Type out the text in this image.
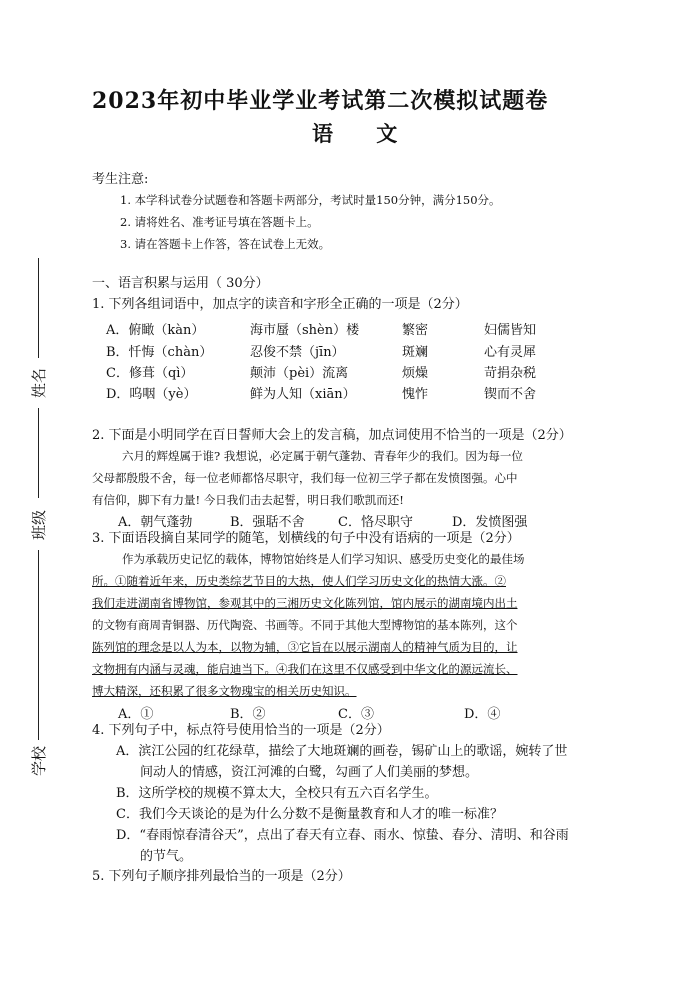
2023年初中毕业学业考试第二次模拟试题卷
语 文
考生注意:
1. 本学科试卷分试题卷和答题卡两部分，考试时量150分钟，满分150分。
2. 请将姓名、准考证号填在答题卡上。
3. 请在答题卡上作答，答在试卷上无效。
姓名
班级
学校
一、语言积累与运用（ 30分）
1. 下列各组词语中，加点字的读音和字形全正确的一项是（2分）
A．俯瞰（kàn）	海市蜃（shèn）楼	繁密	妇儒皆知
B．忏悔（chàn）	忍俊不禁（jīn）	斑斓	心有灵犀
C．修葺（qì）	颠沛（pèi）流离	烦燥	苛捐杂税
D．呜咽（yè）	鲜为人知（xiān）	愧怍	锲而不舍
2. 下面是小明同学在百日誓师大会上的发言稿，加点词使用不恰当的一项是（2分）
六月的辉煌属于谁? 我想说，必定属于朝气蓬勃、青春年少的我们。因为每一位
父母都殷殷不舍，每一位老师都恪尽职守，我们每一位初三学子都在发愤图强。心中
有信仰，脚下有力量! 今日我们击去起誓，明日我们歌凯而还!
A．朝气蓬勃	B．强聒不舍	C．恪尽职守	D．发愤图强
3. 下面语段摘自某同学的随笔，划横线的句子中没有语病的一项是（2分）
作为承载历史记忆的载体，博物馆始终是人们学习知识、感受历史变化的最佳场
所。①随着近年来，历史类综艺节目的大热，使人们学习历史文化的热情大涨。②
我们走进湖南省博物馆，参观其中的三湘历史文化陈列馆，馆内展示的湖南境内出土
的文物有商周青铜器、历代陶瓷、书画等。不同于其他大型博物馆的基本陈列，这个
陈列馆的理念是以人为本，以物为辅，③它旨在以展示湖南人的精神气质为目的，让
文物拥有内涵与灵魂，能启迪当下。④我们在这里不仅感受到中华文化的源远流长、
博大精深，还积累了很多文物瑰宝的相关历史知识。
A．①	B．②	C．③	D．④
4. 下列句子中，标点符号使用恰当的一项是（2分）
A．滨江公园的红花绿草，描绘了大地斑斓的画卷，锡矿山上的歌谣，婉转了世
间动人的情感，资江河滩的白鹭，勾画了人们美丽的梦想。
B．这所学校的规模不算太大，全校只有五六百名学生。
C．我们今天谈论的是为什么分数不是衡量教育和人才的唯一标准？
D．“春雨惊春清谷天”，点出了春天有立春、雨水、惊蛰、春分、清明、和谷雨
的节气。
5. 下列句子顺序排列最恰当的一项是（2分）
